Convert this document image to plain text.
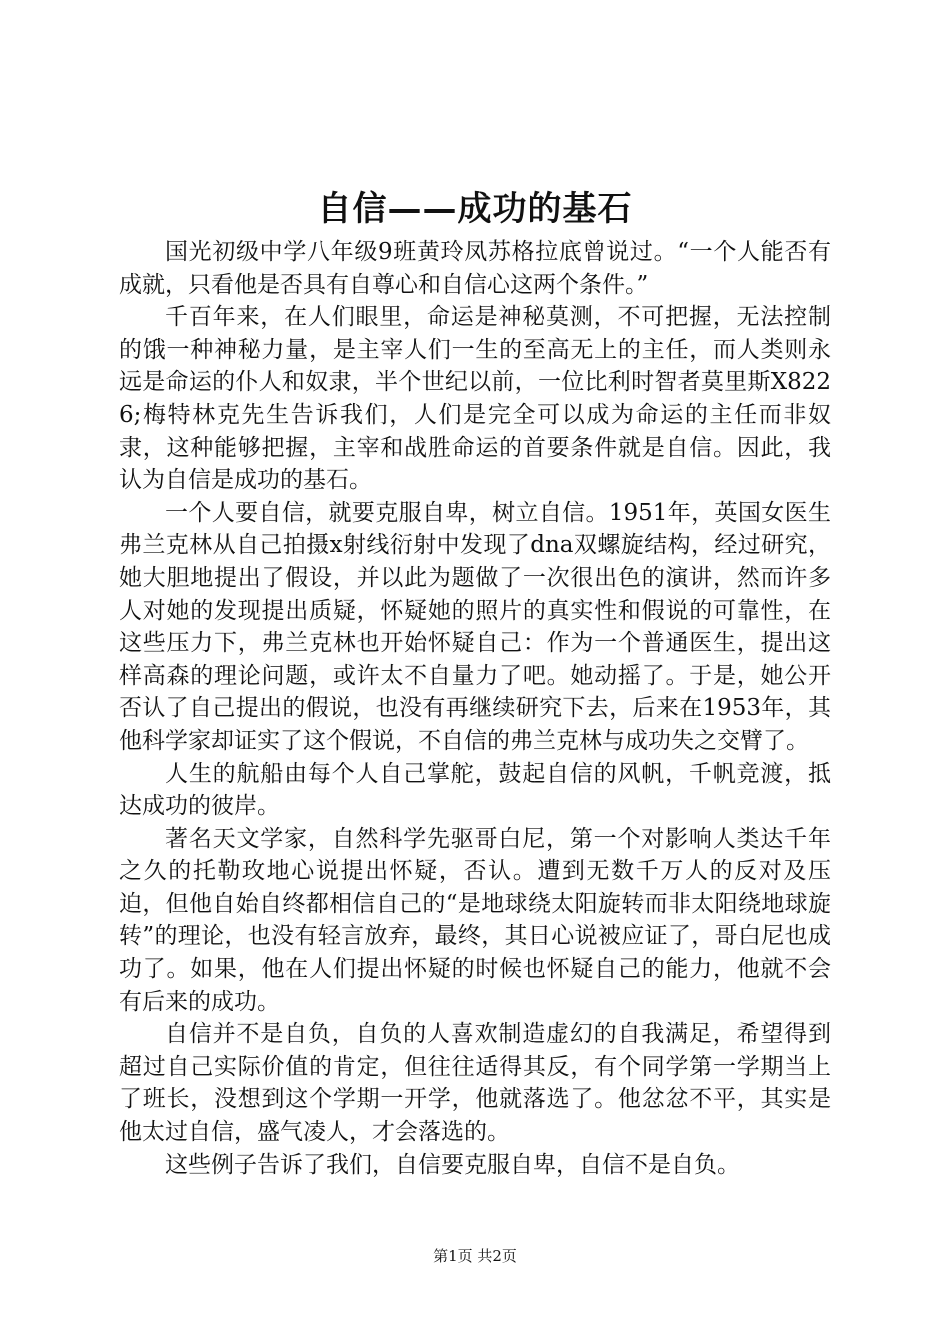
自信——成功的基石

国光初级中学八年级9班黄玲凤苏格拉底曾说过。“一个人能否有成就，只看他是否具有自尊心和自信心这两个条件。”

千百年来，在人们眼里，命运是神秘莫测，不可把握，无法控制的饿一种神秘力量，是主宰人们一生的至高无上的主任，而人类则永远是命运的仆人和奴隶，半个世纪以前，一位比利时智者莫里斯X8226;梅特林克先生告诉我们，人们是完全可以成为命运的主任而非奴隶，这种能够把握，主宰和战胜命运的首要条件就是自信。因此，我认为自信是成功的基石。

一个人要自信，就要克服自卑，树立自信。1951年，英国女医生弗兰克林从自己拍摄x射线衍射中发现了dna双螺旋结构，经过研究，她大胆地提出了假设，并以此为题做了一次很出色的演讲，然而许多人对她的发现提出质疑，怀疑她的照片的真实性和假说的可靠性，在这些压力下，弗兰克林也开始怀疑自己：作为一个普通医生，提出这样高森的理论问题，或许太不自量力了吧。她动摇了。于是，她公开否认了自己提出的假说，也没有再继续研究下去，后来在1953年，其他科学家却证实了这个假说，不自信的弗兰克林与成功失之交臂了。

人生的航船由每个人自己掌舵，鼓起自信的风帆，千帆竞渡，抵达成功的彼岸。

著名天文学家，自然科学先驱哥白尼，第一个对影响人类达千年之久的托勒玫地心说提出怀疑，否认。遭到无数千万人的反对及压迫，但他自始自终都相信自己的“是地球绕太阳旋转而非太阳绕地球旋转”的理论，也没有轻言放弃，最终，其日心说被应证了，哥白尼也成功了。如果，他在人们提出怀疑的时候也怀疑自己的能力，他就不会有后来的成功。

自信并不是自负，自负的人喜欢制造虚幻的自我满足，希望得到超过自己实际价值的肯定，但往往适得其反，有个同学第一学期当上了班长，没想到这个学期一开学，他就落选了。他忿忿不平，其实是他太过自信，盛气凌人，才会落选的。

这些例子告诉了我们，自信要克服自卑，自信不是自负。

第1页 共2页
